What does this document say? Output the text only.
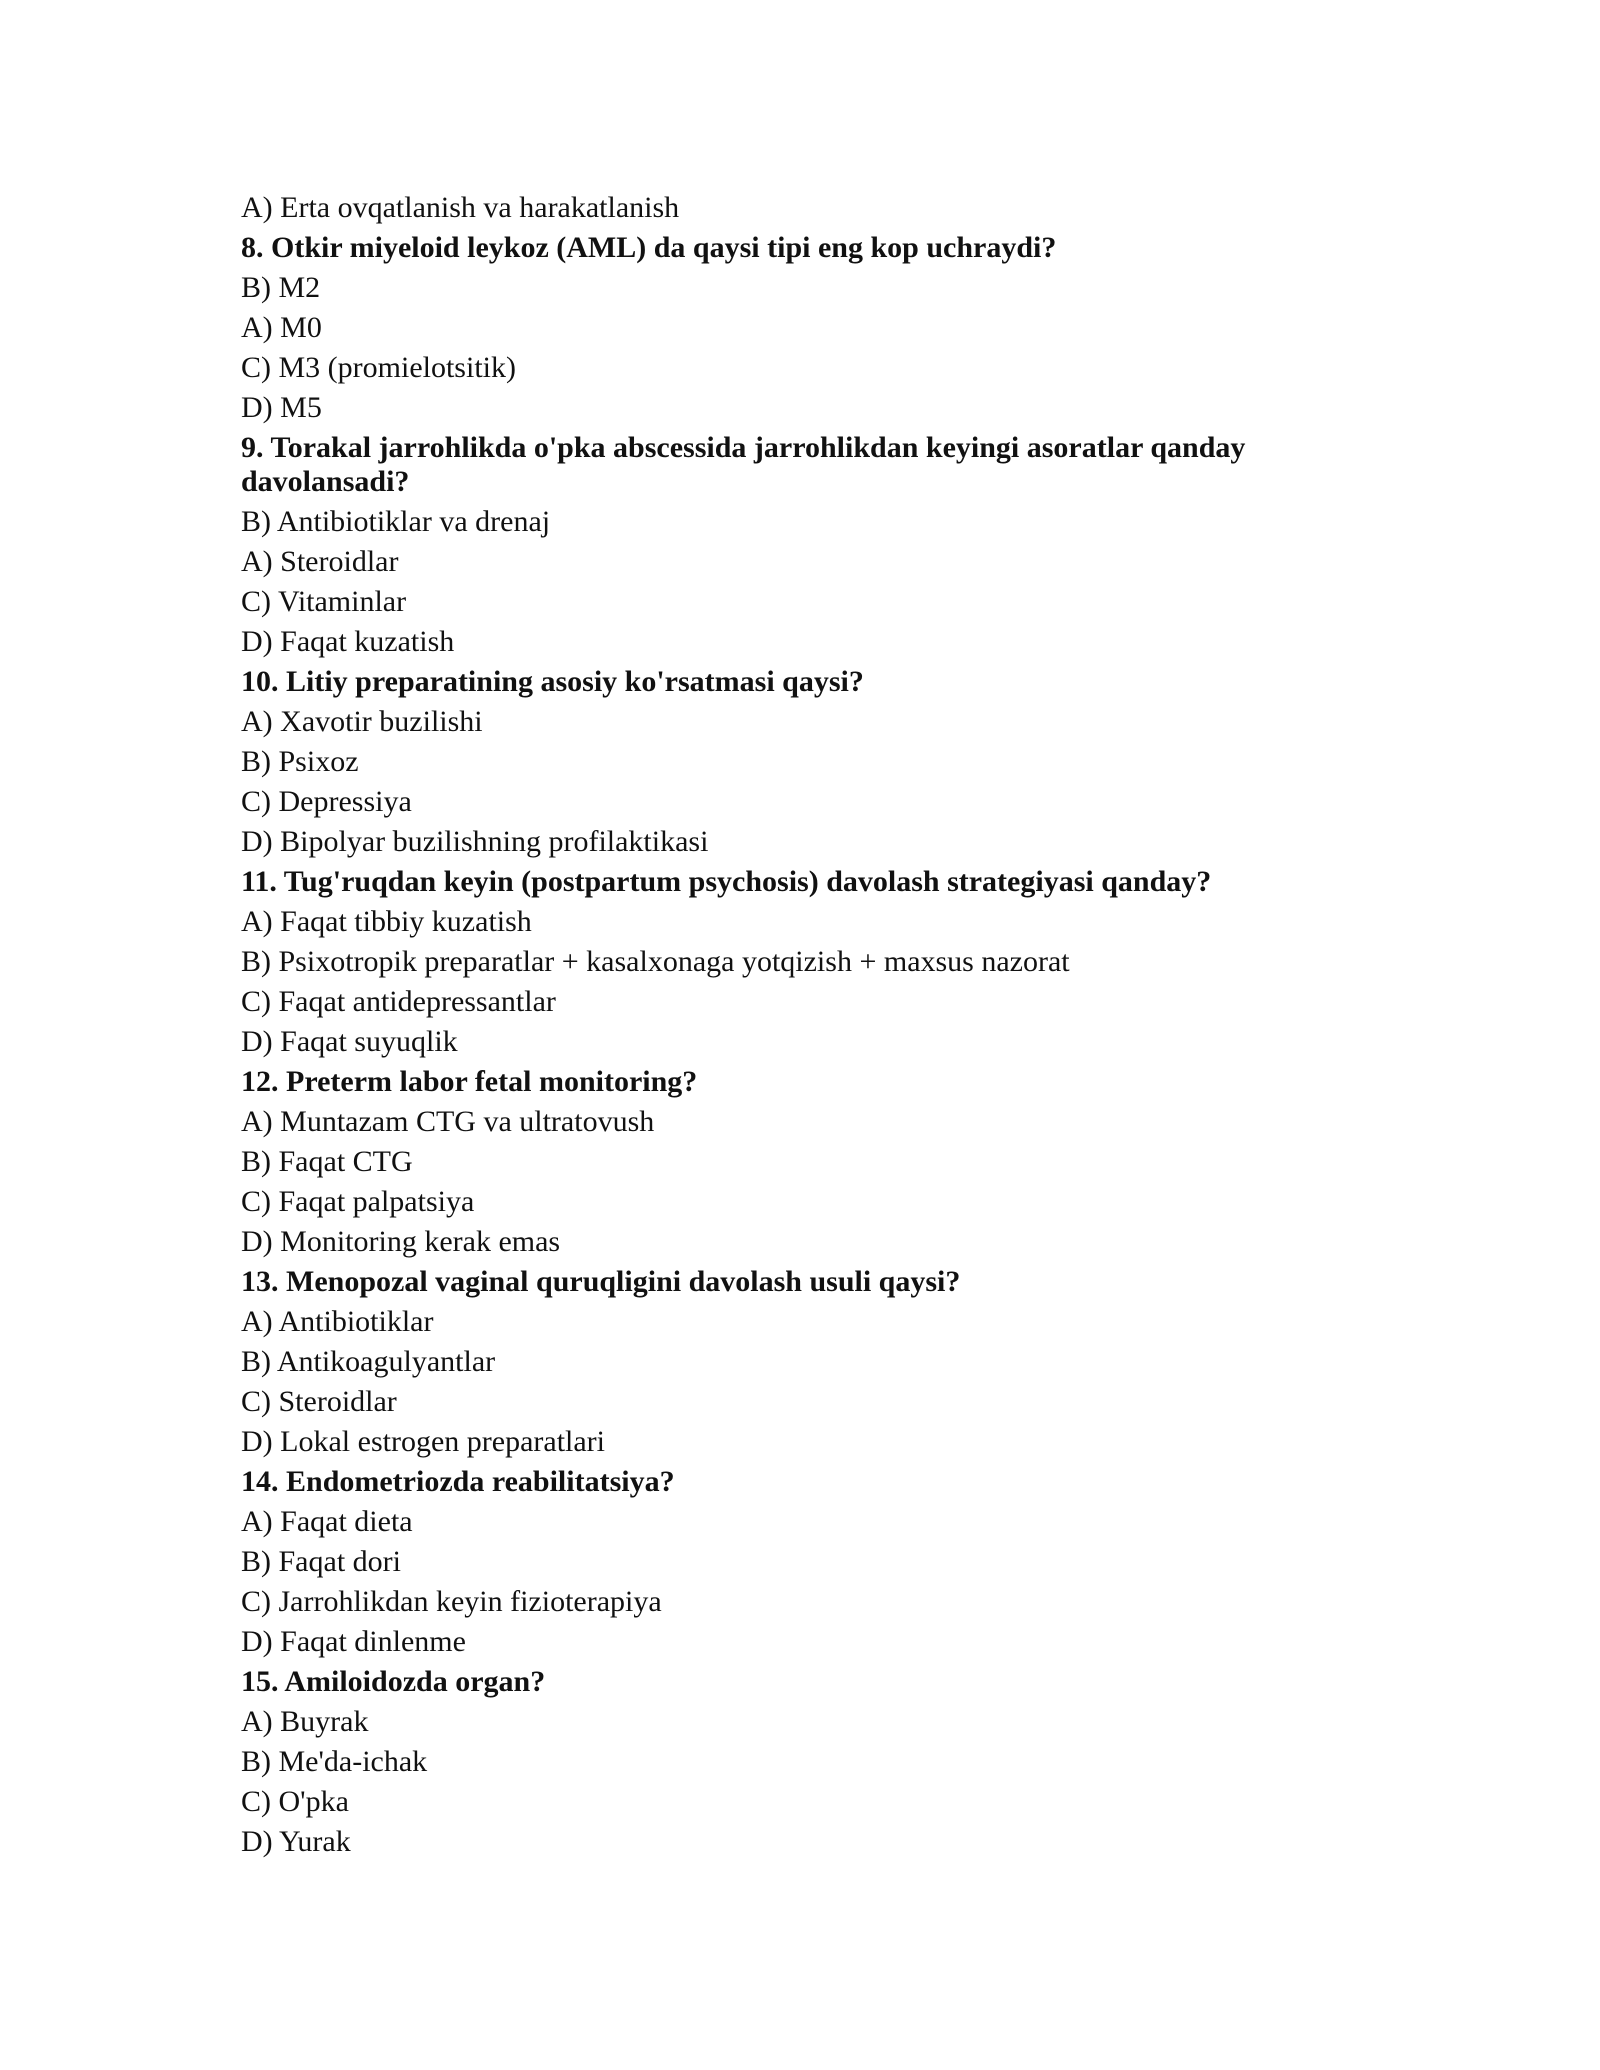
A) Erta ovqatlanish va harakatlanish
8. Otkir miyeloid leykoz (AML) da qaysi tipi eng kop uchraydi?
B) M2
A) M0
C) M3 (promielotsitik)
D) M5
9. Torakal jarrohlikda o'pka abscessida jarrohlikdan keyingi asoratlar qanday davolansadi?
B) Antibiotiklar va drenaj
A) Steroidlar
C) Vitaminlar
D) Faqat kuzatish
10. Litiy preparatining asosiy ko'rsatmasi qaysi?
A) Xavotir buzilishi
B) Psixoz
C) Depressiya
D) Bipolyar buzilishning profilaktikasi
11. Tug'ruqdan keyin (postpartum psychosis) davolash strategiyasi qanday?
A) Faqat tibbiy kuzatish
B) Psixotropik preparatlar + kasalxonaga yotqizish + maxsus nazorat
C) Faqat antidepressantlar
D) Faqat suyuqlik
12. Preterm labor fetal monitoring?
A) Muntazam CTG va ultratovush
B) Faqat CTG
C) Faqat palpatsiya
D) Monitoring kerak emas
13. Menopozal vaginal quruqligini davolash usuli qaysi?
A) Antibiotiklar
B) Antikoagulyantlar
C) Steroidlar
D) Lokal estrogen preparatlari
14. Endometriozda reabilitatsiya?
A) Faqat dieta
B) Faqat dori
C) Jarrohlikdan keyin fizioterapiya
D) Faqat dinlenme
15. Amiloidozda organ?
A) Buyrak
B) Me'da-ichak
C) O'pka
D) Yurak
